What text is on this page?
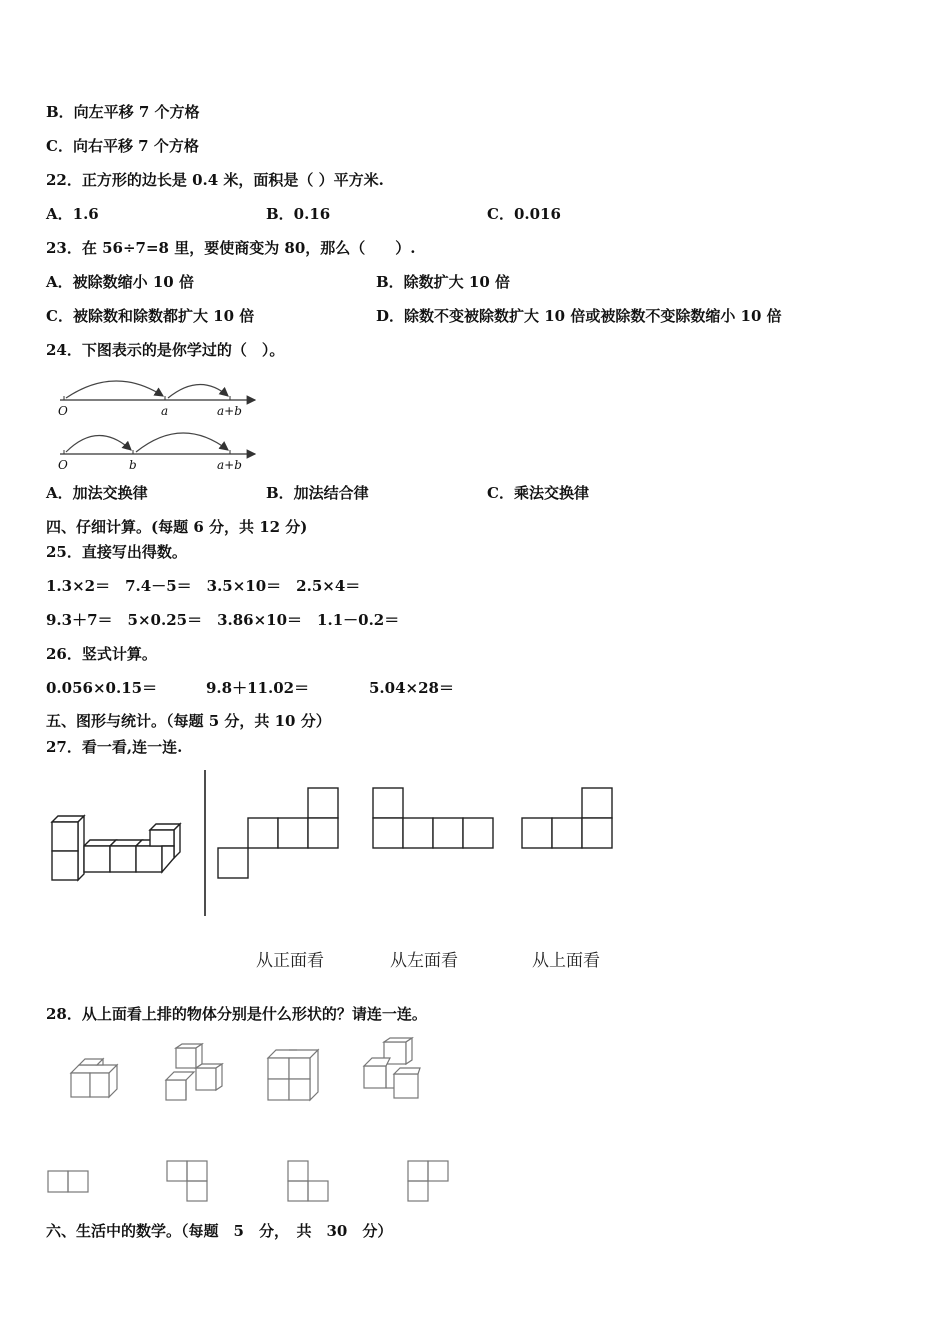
B．向左平移 7 个方格
C．向右平移 7 个方格
22．正方形的边长是 0.4 米，面积是（ ）平方米.
A．1.6	B．0.16	C．0.016
23．在 56÷7=8 里，要使商变为 80，那么（　　）.
A．被除数缩小 10 倍	B．除数扩大 10 倍
C．被除数和除数都扩大 10 倍	D．除数不变被除数扩大 10 倍或被除数不变除数缩小 10 倍
24．下图表示的是你学过的（　）。
O	a	a+b
O	b	a+b
A．加法交换律	B．加法结合律	C．乘法交换律
四、仔细计算。(每题 6 分，共 12 分)
25．直接写出得数。
1.3×2＝　7.4－5＝　3.5×10＝　2.5×4＝
9.3＋7＝　5×0.25＝　3.86×10＝　1.1－0.2＝
26．竖式计算。
0.056×0.15＝	9.8＋11.02＝	5.04×28＝
五、图形与统计。（每题 5 分，共 10 分）
27．看一看,连一连.
从正面看	从左面看	从上面看
28．从上面看上排的物体分别是什么形状的？请连一连。
六、生活中的数学。（每题　5　分，　共　30　分）
